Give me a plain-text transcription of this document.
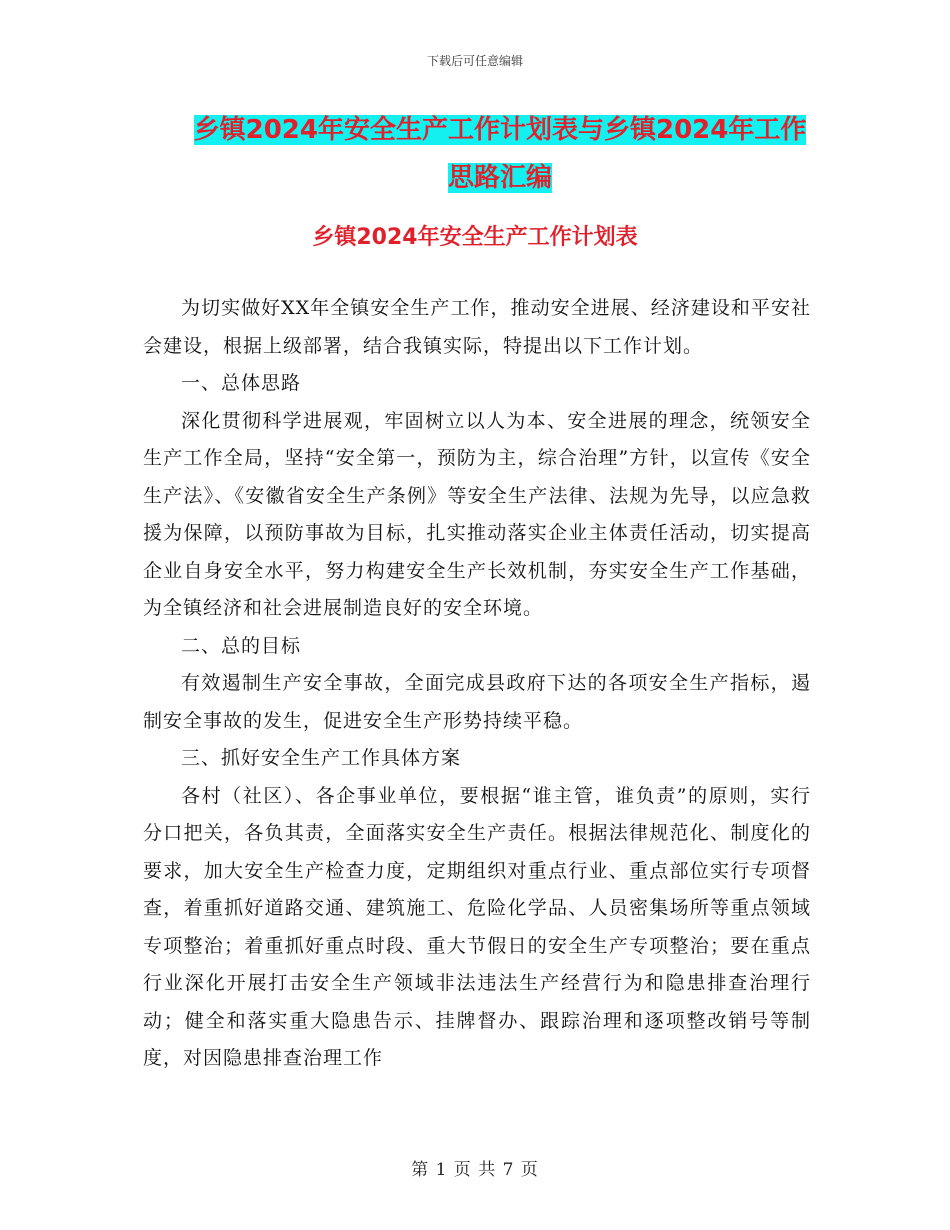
下载后可任意编辑
乡镇2024年安全生产工作计划表与乡镇2024年工作
思路汇编
乡镇2024年安全生产工作计划表

为切实做好XX年全镇安全生产工作，推动安全进展、经济建设和平安社会建设，根据上级部署，结合我镇实际，特提出以下工作计划。

一、总体思路

深化贯彻科学进展观，牢固树立以人为本、安全进展的理念，统领安全生产工作全局，坚持“安全第一，预防为主，综合治理”方针，以宣传《安全生产法》、《安徽省安全生产条例》等安全生产法律、法规为先导，以应急救援为保障，以预防事故为目标，扎实推动落实企业主体责任活动，切实提高企业自身安全水平，努力构建安全生产长效机制，夯实安全生产工作基础，为全镇经济和社会进展制造良好的安全环境。

二、总的目标

有效遏制生产安全事故，全面完成县政府下达的各项安全生产指标，遏制安全事故的发生，促进安全生产形势持续平稳。

三、抓好安全生产工作具体方案

各村（社区）、各企事业单位，要根据“谁主管，谁负责”的原则，实行分口把关，各负其责，全面落实安全生产责任。根据法律规范化、制度化的要求，加大安全生产检查力度，定期组织对重点行业、重点部位实行专项督查，着重抓好道路交通、建筑施工、危险化学品、人员密集场所等重点领域专项整治；着重抓好重点时段、重大节假日的安全生产专项整治；要在重点行业深化开展打击安全生产领域非法违法生产经营行为和隐患排查治理行动；健全和落实重大隐患告示、挂牌督办、跟踪治理和逐项整改销号等制度，对因隐患排查治理工作

第 1 页 共 7 页
